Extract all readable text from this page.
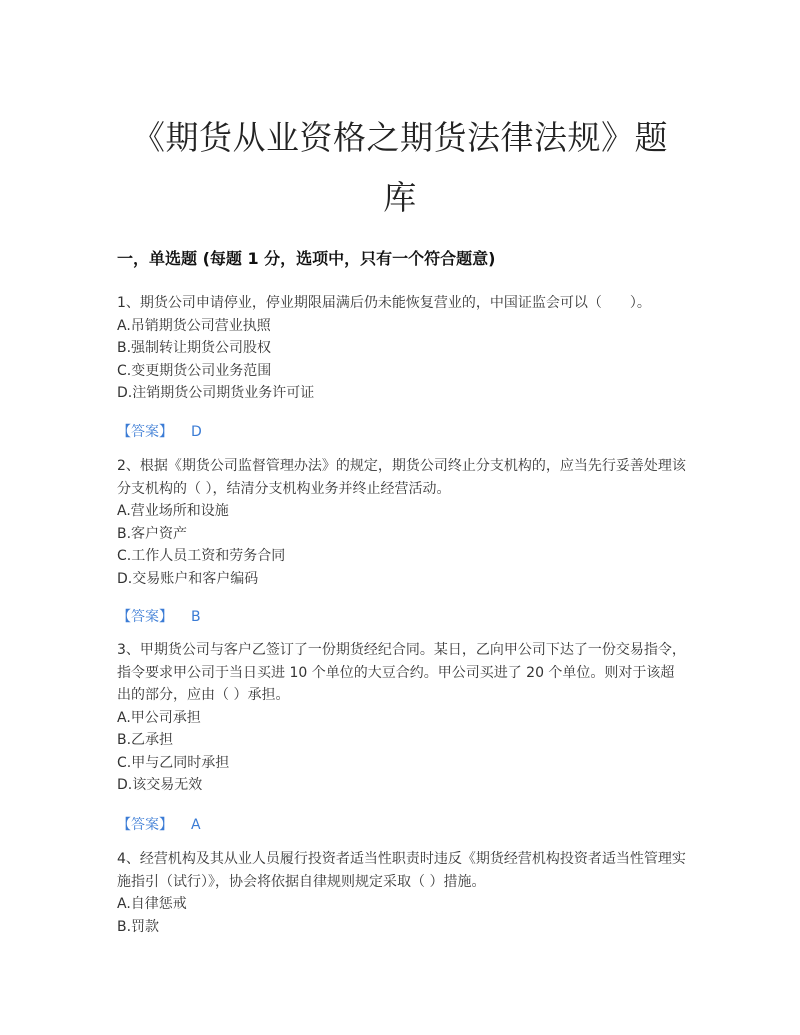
《期货从业资格之期货法律法规》题
库
一，单选题 (每题 1 分，选项中，只有一个符合题意)

1、期货公司申请停业，停业期限届满后仍未能恢复营业的，中国证监会可以（　　）。

A.吊销期货公司营业执照

B.强制转让期货公司股权

C.变更期货公司业务范围

D.注销期货公司期货业务许可证

【答案】 D

2、根据《期货公司监督管理办法》的规定，期货公司终止分支机构的，应当先行妥善处理该分支机构的（ ），结清分支机构业务并终止经营活动。

A.营业场所和设施

B.客户资产

C.工作人员工资和劳务合同

D.交易账户和客户编码

【答案】 B

3、甲期货公司与客户乙签订了一份期货经纪合同。某日，乙向甲公司下达了一份交易指令，指令要求甲公司于当日买进 10 个单位的大豆合约。甲公司买进了 20 个单位。则对于该超出的部分，应由（ ）承担。

A.甲公司承担

B.乙承担

C.甲与乙同时承担

D.该交易无效

【答案】 A

4、经营机构及其从业人员履行投资者适当性职责时违反《期货经营机构投资者适当性管理实施指引（试行）》，协会将依据自律规则规定采取（ ）措施。

A.自律惩戒

B.罚款
